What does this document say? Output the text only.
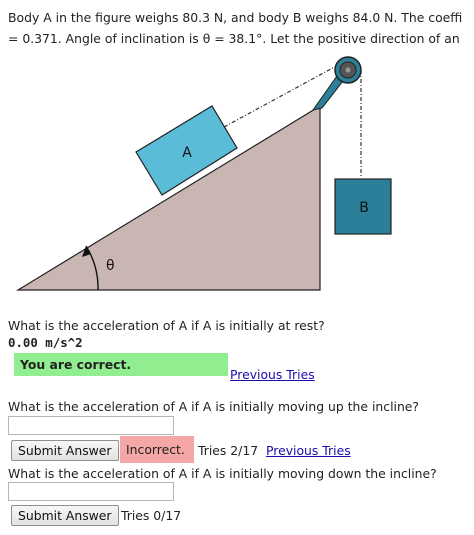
Body A in the figure weighs 80.3 N, and body B weighs 84.0 N. The coeffi
= 0.371. Angle of inclination is θ = 38.1°. Let the positive direction of an
A
B
θ
What is the acceleration of A if A is initially at rest?
0.00 m/s^2
You are correct.
Previous Tries
What is the acceleration of A if A is initially moving up the incline?
Submit Answer	Incorrect.	Tries 2/17 Previous Tries
What is the acceleration of A if A is initially moving down the incline?
Submit Answer Tries 0/17
